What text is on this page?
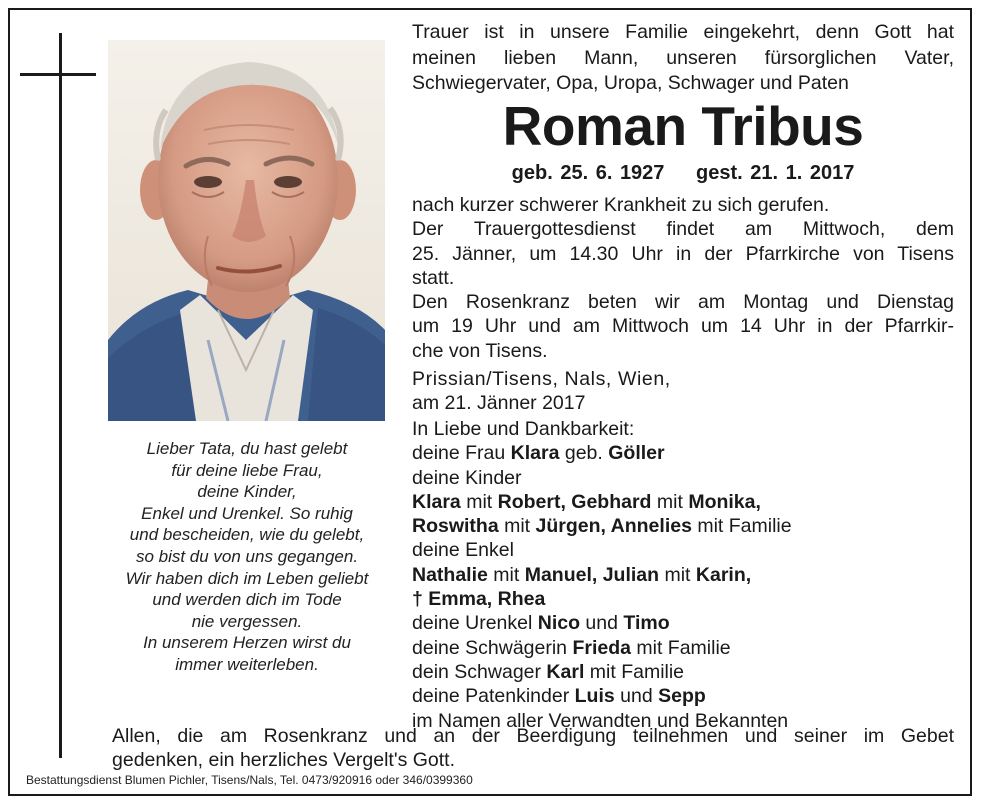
Lieber Tata, du hast gelebt
für deine liebe Frau,
deine Kinder,
Enkel und Urenkel. So ruhig
und bescheiden, wie du gelebt,
so bist du von uns gegangen.
Wir haben dich im Leben geliebt
und werden dich im Tode
nie vergessen.
In unserem Herzen wirst du
immer weiterleben.
Trauer ist in unsere Familie eingekehrt, denn Gott hat
meinen lieben Mann, unseren fürsorglichen Vater,
Schwiegervater, Opa, Uropa, Schwager und Paten
Roman Tribus
geb. 25. 6. 1927 gest. 21. 1. 2017
nach kurzer schwerer Krankheit zu sich gerufen.
Der Trauergottesdienst findet am Mittwoch, dem
25. Jänner, um 14.30 Uhr in der Pfarrkirche von Tisens
statt.
Den Rosenkranz beten wir am Montag und Dienstag
um 19 Uhr und am Mittwoch um 14 Uhr in der Pfarrkir-
che von Tisens.
Prissian/Tisens, Nals, Wien,
am 21. Jänner 2017
In Liebe und Dankbarkeit:
deine Frau Klara geb. Göller
deine Kinder
Klara mit Robert, Gebhard mit Monika,
Roswitha mit Jürgen, Annelies mit Familie
deine Enkel
Nathalie mit Manuel, Julian mit Karin,
† Emma, Rhea
deine Urenkel Nico und Timo
deine Schwägerin Frieda mit Familie
dein Schwager Karl mit Familie
deine Patenkinder Luis und Sepp
im Namen aller Verwandten und Bekannten
Allen, die am Rosenkranz und an der Beerdigung teilnehmen und seiner im Gebet
gedenken, ein herzliches Vergelt's Gott.
Bestattungsdienst Blumen Pichler, Tisens/Nals, Tel. 0473/920916 oder 346/0399360
